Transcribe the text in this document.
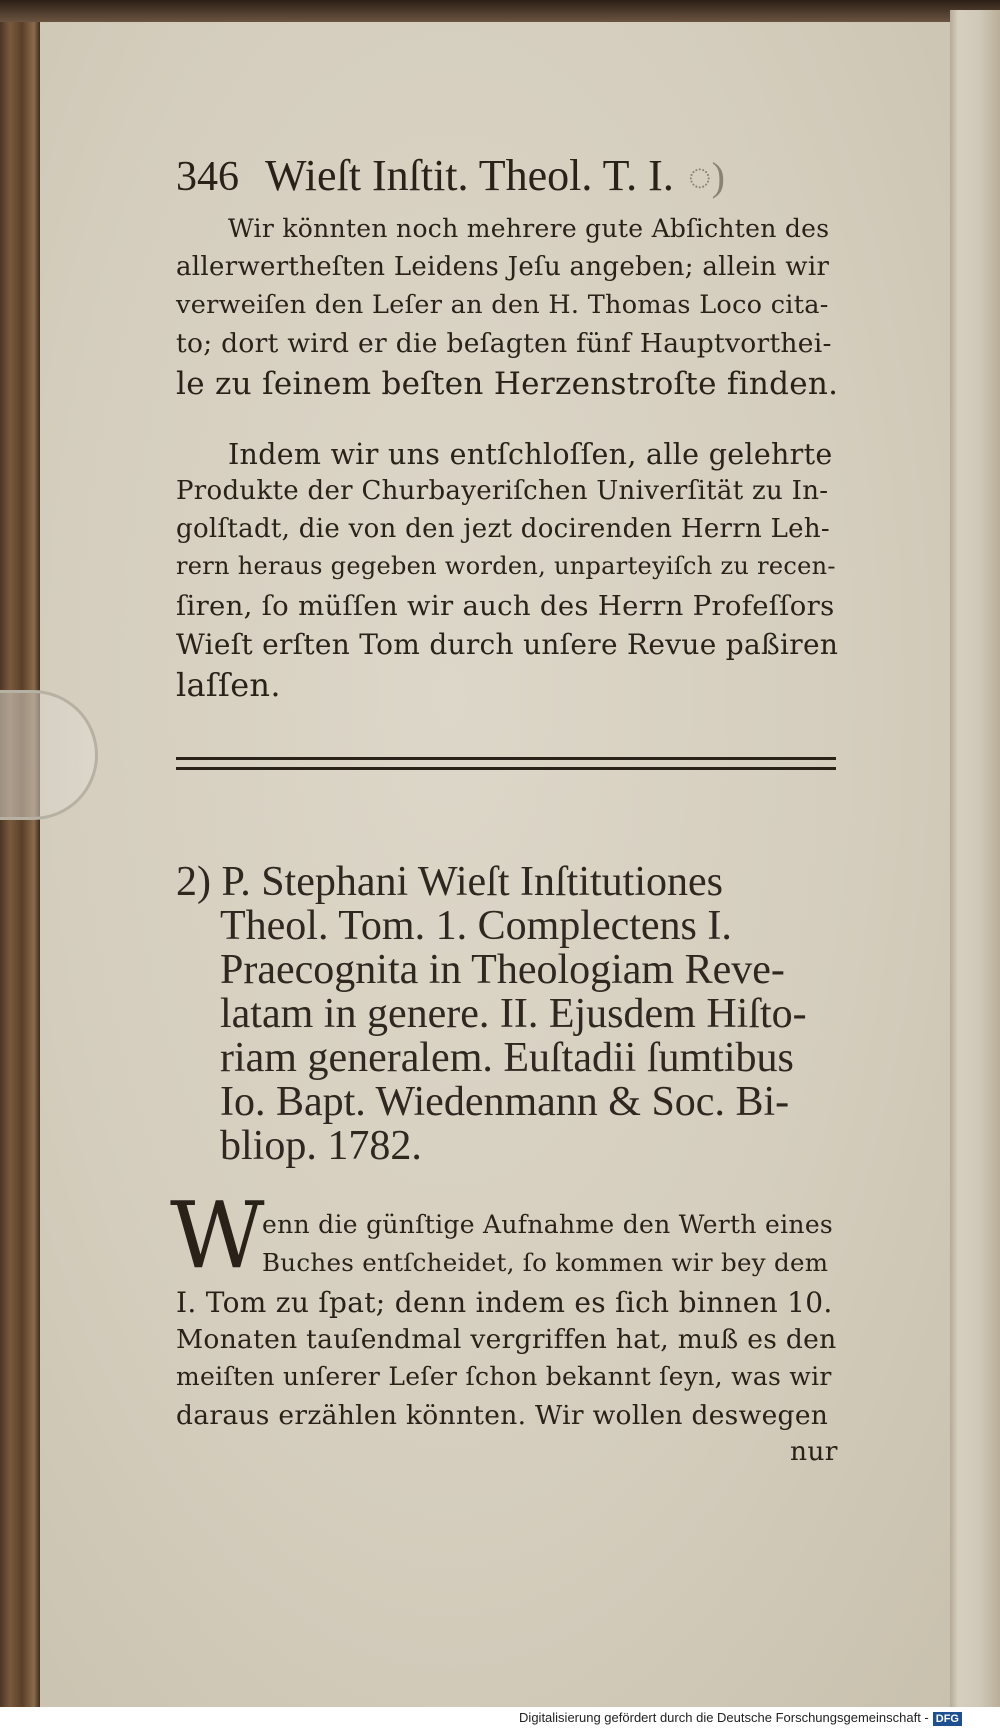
346 Wieſt Inſtit. Theol. T. I. ◌)
Wir könnten noch mehrere gute Abſichten des
allerwertheſten Leidens Jeſu angeben; allein wir
verweiſen den Leſer an den H. Thomas Loco cita-
to; dort wird er die beſagten fünf Hauptvorthei-
le zu ſeinem beſten Herzenstroſte finden.
Indem wir uns entſchloſſen, alle gelehrte
Produkte der Churbayeriſchen Univerſität zu In-
golſtadt, die von den jezt docirenden Herrn Leh-
rern heraus gegeben worden, unparteyiſch zu recen-
ſiren, ſo müſſen wir auch des Herrn Profeſſors
Wieſt erſten Tom durch unſere Revue paßiren
laſſen.
2) P. Stephani Wieſt Inſtitutiones
Theol. Tom. 1. Complectens I.
Praecognita in Theologiam Reve-
latam in genere. II. Ejusdem Hiſto-
riam generalem. Euſtadii ſumtibus
Io. Bapt. Wiedenmann & Soc. Bi-
bliop. 1782.
W
enn die günſtige Aufnahme den Werth eines
Buches entſcheidet, ſo kommen wir bey dem
I. Tom zu ſpat; denn indem es ſich binnen 10.
Monaten tauſendmal vergriffen hat, muß es den
meiſten unſerer Leſer ſchon bekannt ſeyn, was wir
daraus erzählen könnten. Wir wollen deswegen
nur
Digitalisierung gefördert durch die Deutsche Forschungsgemeinschaft - DFG
